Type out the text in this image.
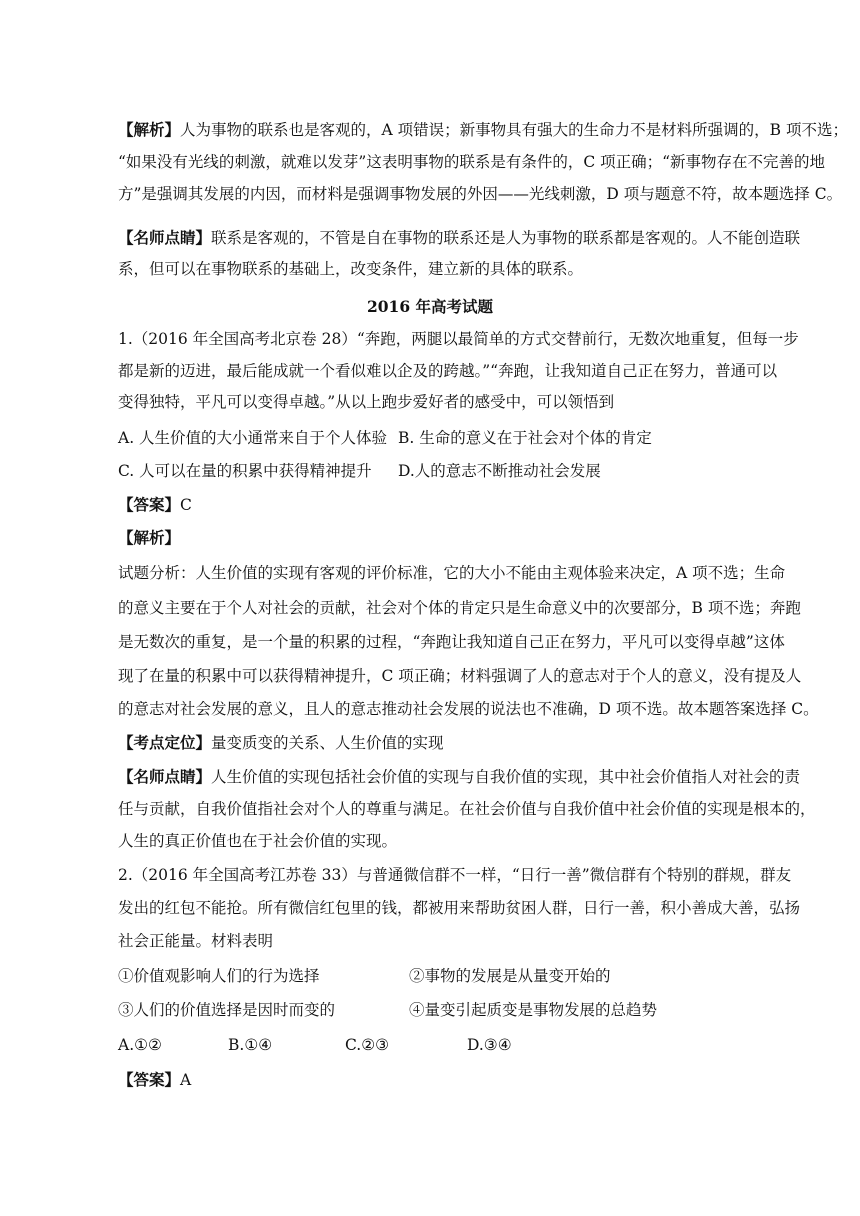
【解析】人为事物的联系也是客观的，A 项错误；新事物具有强大的生命力不是材料所强调的，B 项不选；
“如果没有光线的刺激，就难以发芽”这表明事物的联系是有条件的，C 项正确；“新事物存在不完善的地
方”是强调其发展的内因，而材料是强调事物发展的外因——光线刺激，D 项与题意不符，故本题选择 C。
【名师点睛】联系是客观的，不管是自在事物的联系还是人为事物的联系都是客观的。人不能创造联
系，但可以在事物联系的基础上，改变条件，建立新的具体的联系。
2016 年高考试题
1.（2016 年全国高考北京卷 28）“奔跑，两腿以最简单的方式交替前行，无数次地重复，但每一步
都是新的迈进，最后能成就一个看似难以企及的跨越。”“奔跑，让我知道自己正在努力，普通可以
变得独特，平凡可以变得卓越。”从以上跑步爱好者的感受中，可以领悟到
A. 人生价值的大小通常来自于个人体验 B. 生命的意义在于社会对个体的肯定
C. 人可以在量的积累中获得精神提升 D.人的意志不断推动社会发展
【答案】C
【解析】
试题分析：人生价值的实现有客观的评价标准，它的大小不能由主观体验来决定，A 项不选；生命
的意义主要在于个人对社会的贡献，社会对个体的肯定只是生命意义中的次要部分，B 项不选；奔跑
是无数次的重复，是一个量的积累的过程，“奔跑让我知道自己正在努力，平凡可以变得卓越”这体
现了在量的积累中可以获得精神提升，C 项正确；材料强调了人的意志对于个人的意义，没有提及人
的意志对社会发展的意义，且人的意志推动社会发展的说法也不准确，D 项不选。故本题答案选择 C。
【考点定位】量变质变的关系、人生价值的实现
【名师点睛】人生价值的实现包括社会价值的实现与自我价值的实现，其中社会价值指人对社会的责
任与贡献，自我价值指社会对个人的尊重与满足。在社会价值与自我价值中社会价值的实现是根本的，
人生的真正价值也在于社会价值的实现。
2.（2016 年全国高考江苏卷 33）与普通微信群不一样，“日行一善”微信群有个特别的群规，群友
发出的红包不能抢。所有微信红包里的钱，都被用来帮助贫困人群，日行一善，积小善成大善，弘扬
社会正能量。材料表明
①价值观影响人们的行为选择	②事物的发展是从量变开始的
③人们的价值选择是因时而变的	④量变引起质变是事物发展的总趋势
A.①②	B.①④	C.②③	D.③④
【答案】A
